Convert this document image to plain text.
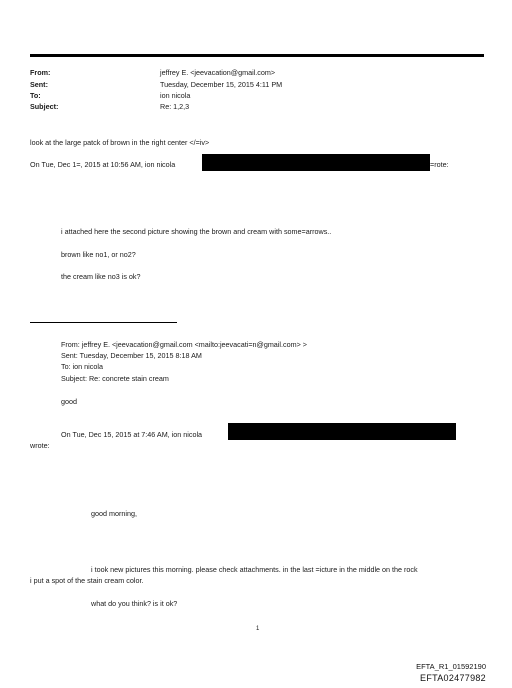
From:
Sent:
To:
Subject:
jeffrey E. <jeevacation@gmail.com>
Tuesday, December 15, 2015 4:11 PM
ion nicola
Re: 1,2,3
look at the large patck of brown in the right center </=iv>
On Tue, Dec 1=, 2015 at 10:56 AM, ion nicola	=rote:
i attached here the second picture showing the brown and cream with some=arrows..
brown like no1, or no2?
the cream like no3 is ok?
From: jeffrey E. <jeevacation@gmail.com <mailto:jeevacati=n@gmail.com> >
Sent: Tuesday, December 15, 2015 8:18 AM
To: ion nicola
Subject: Re: concrete stain cream
good
On Tue, Dec 15, 2015 at 7:46 AM, ion nicola
wrote:
good morning,
i took new pictures this morning. please check attachments. in the last =icture in the middle on the rock
i put a spot of the stain cream color.
what do you think? is it ok?
1
EFTA_R1_01592190
EFTA02477982
